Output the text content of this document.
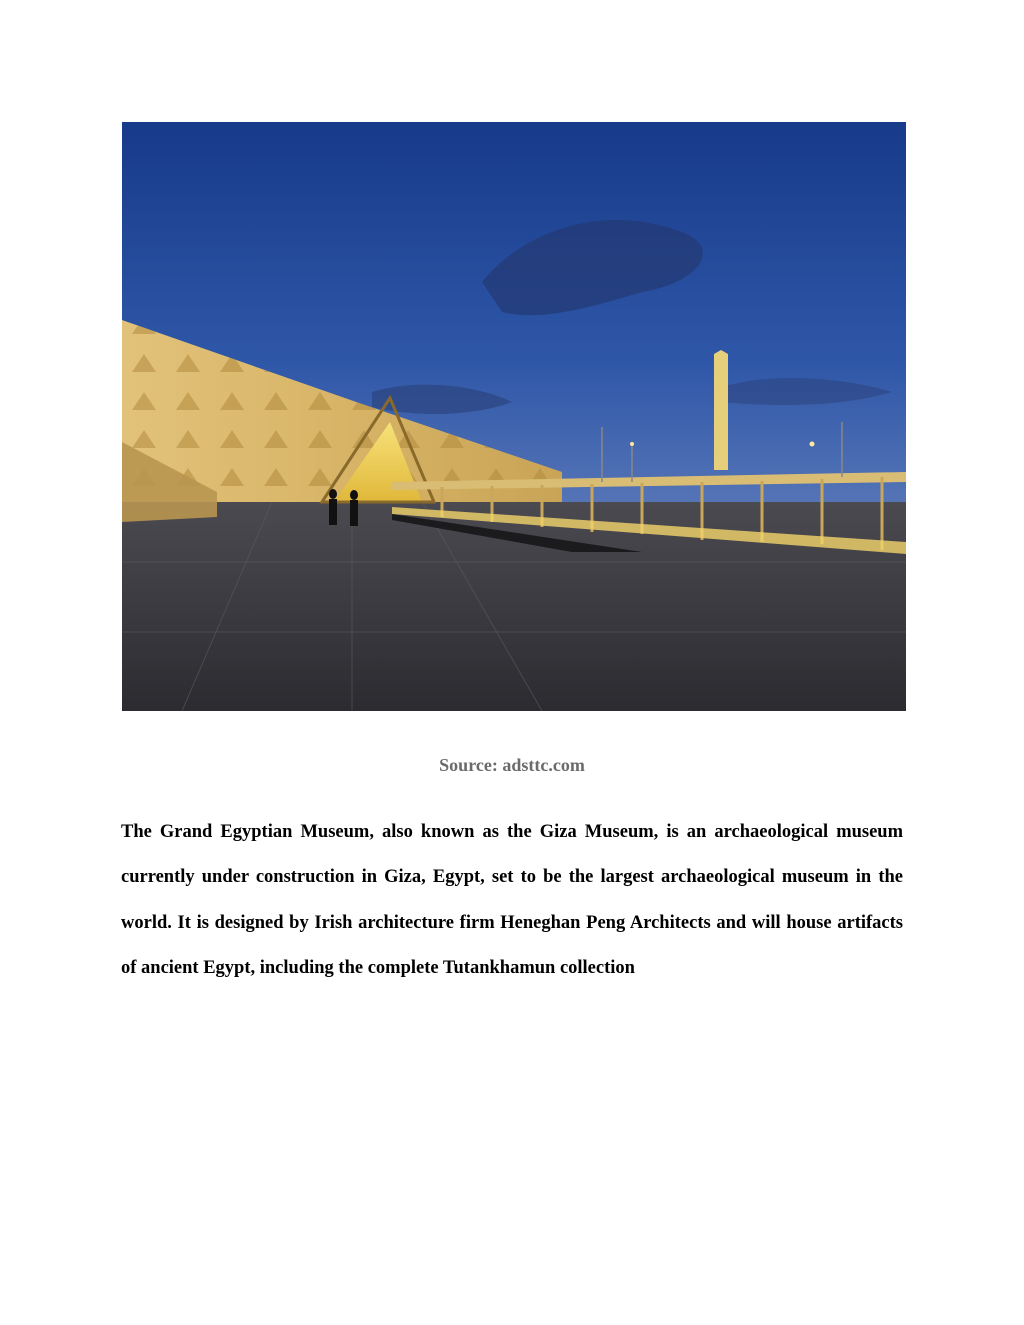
Source: adsttc.com

The Grand Egyptian Museum, also known as the Giza Museum, is an archaeological museum currently under construction in Giza, Egypt, set to be the largest archaeological museum in the world. It is designed by Irish architecture firm Heneghan Peng Architects and will house artifacts of ancient Egypt, including the complete Tutankhamun collection
